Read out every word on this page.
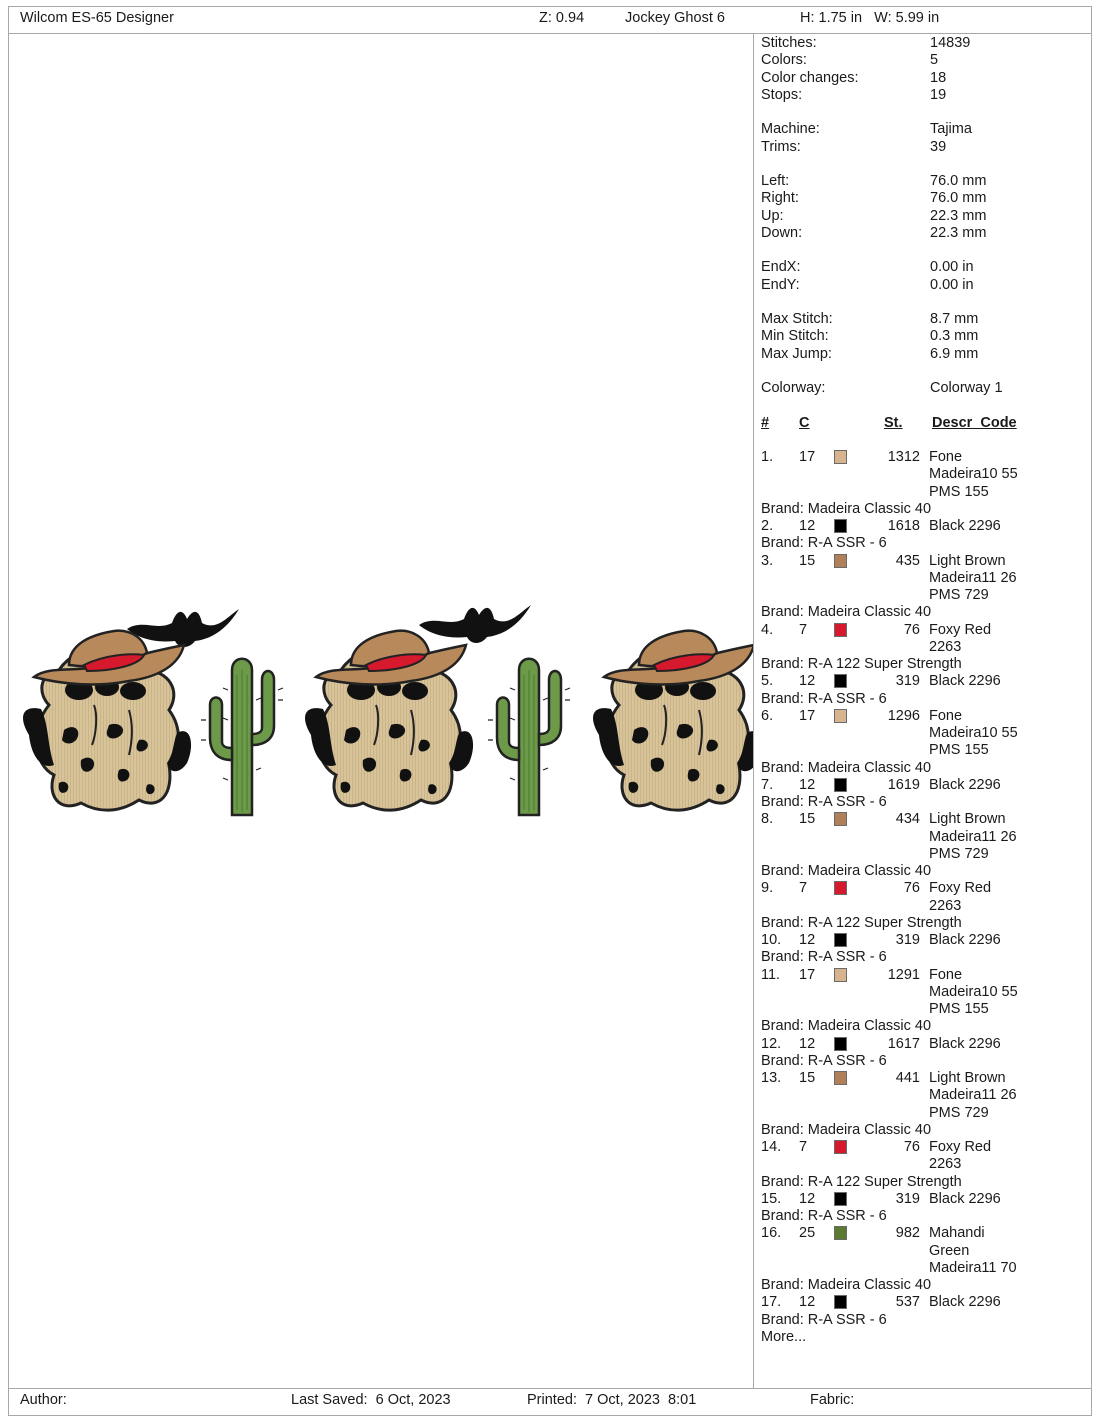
Wilcom ES-65 Designer	Z: 0.94	Jockey Ghost 6	H: 1.75 in   W: 5.99 in
Stitches:	14839
Colors:	5
Color changes:	18
Stops:	19
Machine:	Tajima
Trims:	39
Left:	76.0 mm
Right:	76.0 mm
Up:	22.3 mm
Down:	22.3 mm
EndX:	0.00 in
EndY:	0.00 in
Max Stitch:	8.7 mm
Min Stitch:	0.3 mm
Max Jump:	6.9 mm
Colorway:	Colorway 1
# C	St. Descr_Code
1. 17	1312 Fone
Madeira10 55
PMS 155
Brand: Madeira Classic 40
2. 12	1618 Black 2296
Brand: R-A SSR - 6
3. 15	435 Light Brown
Madeira11 26
PMS 729
Brand: Madeira Classic 40
4. 7	76 Foxy Red
2263
Brand: R-A 122 Super Strength
5. 12	319 Black 2296
Brand: R-A SSR - 6
6. 17	1296 Fone
Madeira10 55
PMS 155
Brand: Madeira Classic 40
7. 12	1619 Black 2296
Brand: R-A SSR - 6
8. 15	434 Light Brown
Madeira11 26
PMS 729
Brand: Madeira Classic 40
9. 7	76 Foxy Red
2263
Brand: R-A 122 Super Strength
10. 12	319 Black 2296
Brand: R-A SSR - 6
11. 17	1291 Fone
Madeira10 55
PMS 155
Brand: Madeira Classic 40
12. 12	1617 Black 2296
Brand: R-A SSR - 6
13. 15	441 Light Brown
Madeira11 26
PMS 729
Brand: Madeira Classic 40
14. 7	76 Foxy Red
2263
Brand: R-A 122 Super Strength
15. 12	319 Black 2296
Brand: R-A SSR - 6
16. 25	982 Mahandi
Green
Madeira11 70
Brand: Madeira Classic 40
17. 12	537 Black 2296
Brand: R-A SSR - 6
More...
Author:	Last Saved:  6 Oct, 2023	Printed:  7 Oct, 2023  8:01	Fabric:
